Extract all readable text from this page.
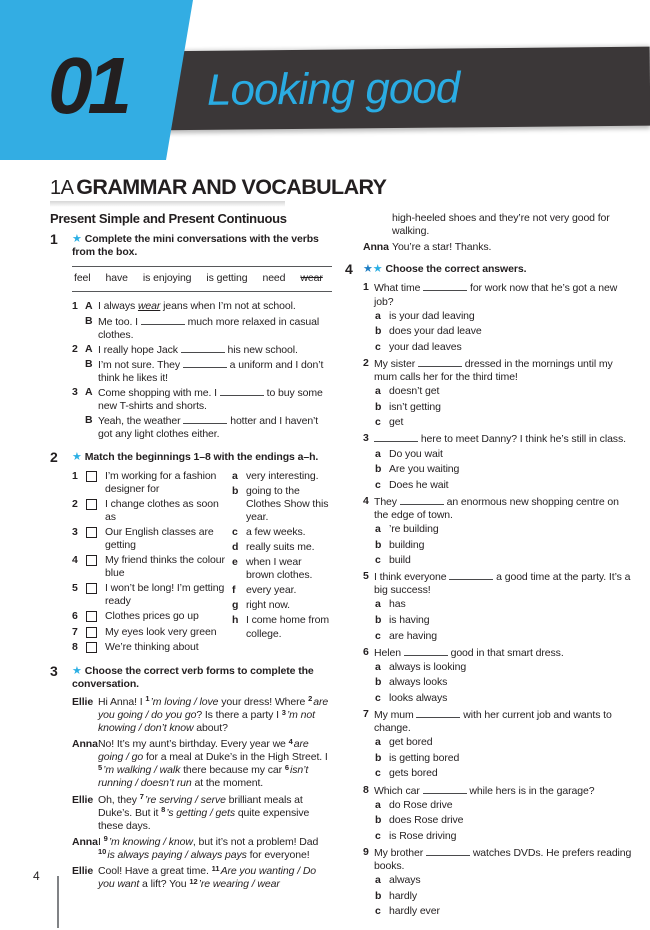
Looking good
01
1A GRAMMAR AND VOCABULARY
Present Simple and Present Continuous
1	★ Complete the mini conversations with the verbs from the box.

feel have is enjoying is getting need wear
1 A I always wear jeans when I’m not at school.
B Me too. I	much more relaxed in casual clothes.
2 A I really hope Jack	his new school.
B I’m not sure. They	a uniform and I don’t think he likes it!
3 A Come shopping with me. I	to buy some new T-shirts and shorts.
B Yeah, the weather	hotter and I haven’t got any light clothes either.
2	★ Match the beginnings 1–8 with the endings a–h.

1	I’m working for a fashion designer for
2	I change clothes as soon as
3	Our English classes are getting
4	My friend thinks the colour blue
5	I won’t be long! I’m getting ready
6	Clothes prices go up
7	My eyes look very green
8	We’re thinking about
a very interesting.
b going to the Clothes Show this year.
c a few weeks.
d really suits me.
e when I wear brown clothes.
f	every year.
g right now.
h I come home from college.
3	★ Choose the correct verb forms to complete the conversation.

Ellie Hi Anna! I $^1$’m loving / love your dress! Where $^2$are you going / do you go? Is there a party I $^3$’m not knowing / don’t know about?
Anna No! It’s my aunt’s birthday. Every year we $^4$are going / go for a meal at Duke’s in the High Street. I $^5$’m walking / walk there because my car $^6$isn’t running / doesn’t run at the moment.
Ellie Oh, they $^7$’re serving / serve brilliant meals at Duke’s. But it $^8$’s getting / gets quite expensive these days.
Anna I $^9$’m knowing / know, but it’s not a problem! Dad $^{10}$is always paying / always pays for everyone!
Ellie Cool! Have a great time. $^{11}$Are you wanting / Do you want a lift? You $^{12}$’re wearing / wear
high-heeled shoes and they’re not very good for walking.
Anna You’re a star! Thanks.
4 ★★ Choose the correct answers.

1 What time	for work now that he’s got a new job?
a is your dad leaving
b does your dad leave
c your dad leaves
2 My sister	dressed in the mornings until my mum calls her for the third time!
a doesn’t get
b isn’t getting
c get
3	here to meet Danny? I think he’s still in class.
a Do you wait
b Are you waiting
c Does he wait
4 They	an enormous new shopping centre on the edge of town.
a ’re building
b building
c build
5 I think everyone	a good time at the party. It’s a big success!
a has
b is having
c are having
6 Helen	good in that smart dress.
a always is looking
b always looks
c looks always
7 My mum	with her current job and wants to change.
a get bored
b is getting bored
c gets bored
8 Which car	while hers is in the garage?
a do Rose drive
b does Rose drive
c is Rose driving
9 My brother	watches DVDs. He prefers reading books.
a always
b hardly
c hardly ever
4
